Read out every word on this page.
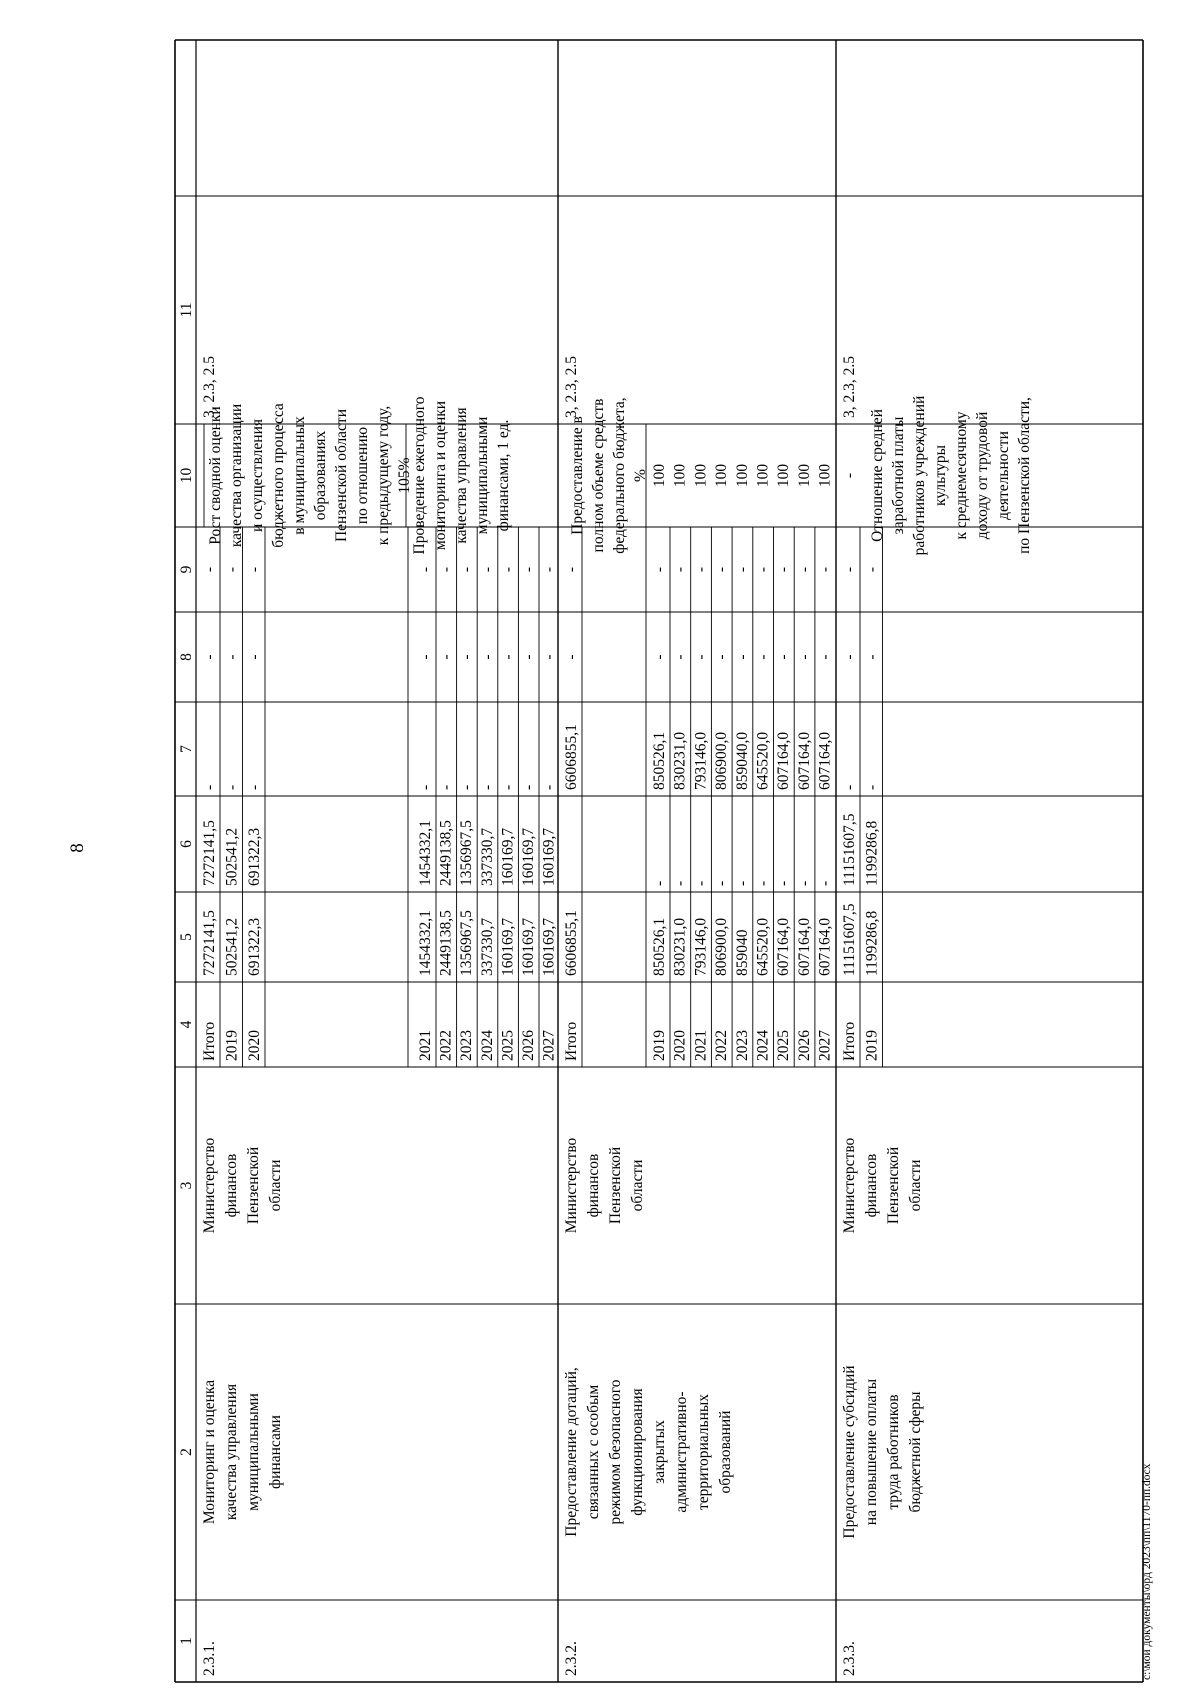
8
c:\мои документы\орд 2023\пп\1170-пп.docx
1
2
3
4
5
6
7
8
9
10
11
2.3.1.
Мониторинг и оценка качества управления муниципальными финансами
Министерство финансов Пензенской области
3, 2.3, 2.5
Итого
7272141,5
7272141,5
-
-
-
2019
502541,2
502541,2
-
-
-
2020
691322,3
691322,3
-
-
-
2021
1454332,1
1454332,1
-
-
-
2022
2449138,5
2449138,5
-
-
-
2023
1356967,5
1356967,5
-
-
-
2024
337330,7
337330,7
-
-
-
2025
160169,7
160169,7
-
-
-
2026
160169,7
160169,7
-
-
-
2027
160169,7
160169,7
-
-
-
Рост сводной оценки качества организации и осуществления бюджетного процесса в муниципальных образованиях Пензенской области по отношению к предыдущему году, 105%
Проведение ежегодного мониторинга и оценки качества управления муниципальными финансами, 1 ед.
2.3.2.
Предоставление дотаций, связанных с особым режимом безопасного функционирования закрытых административно- территориальных образований
Министерство финансов Пензенской области
3, 2.3, 2.5
Итого
6606855,1
6606855,1
-
-
2019
850526,1
-
850526,1
-
-
100
2020
830231,0
-
830231,0
-
-
100
2021
793146,0
-
793146,0
-
-
100
2022
806900,0
-
806900,0
-
-
100
2023
859040
-
859040,0
-
-
100
2024
645520,0
-
645520,0
-
-
100
2025
607164,0
-
607164,0
-
-
100
2026
607164,0
-
607164,0
-
-
100
2027
607164,0
-
607164,0
-
-
100
Предоставление в полном объеме средств федерального бюджета, %
2.3.3.
Предоставление субсидий на повышение оплаты труда работников бюджетной сферы
Министерство финансов Пензенской области
3, 2.3, 2.5
Итого
11151607,5
11151607,5
-
-
-
-
2019
1199286,8
1199286,8
-
-
-
Отношение средней заработной платы работников учреждений культуры к среднемесячному доходу от трудовой деятельности по Пензенской области,
